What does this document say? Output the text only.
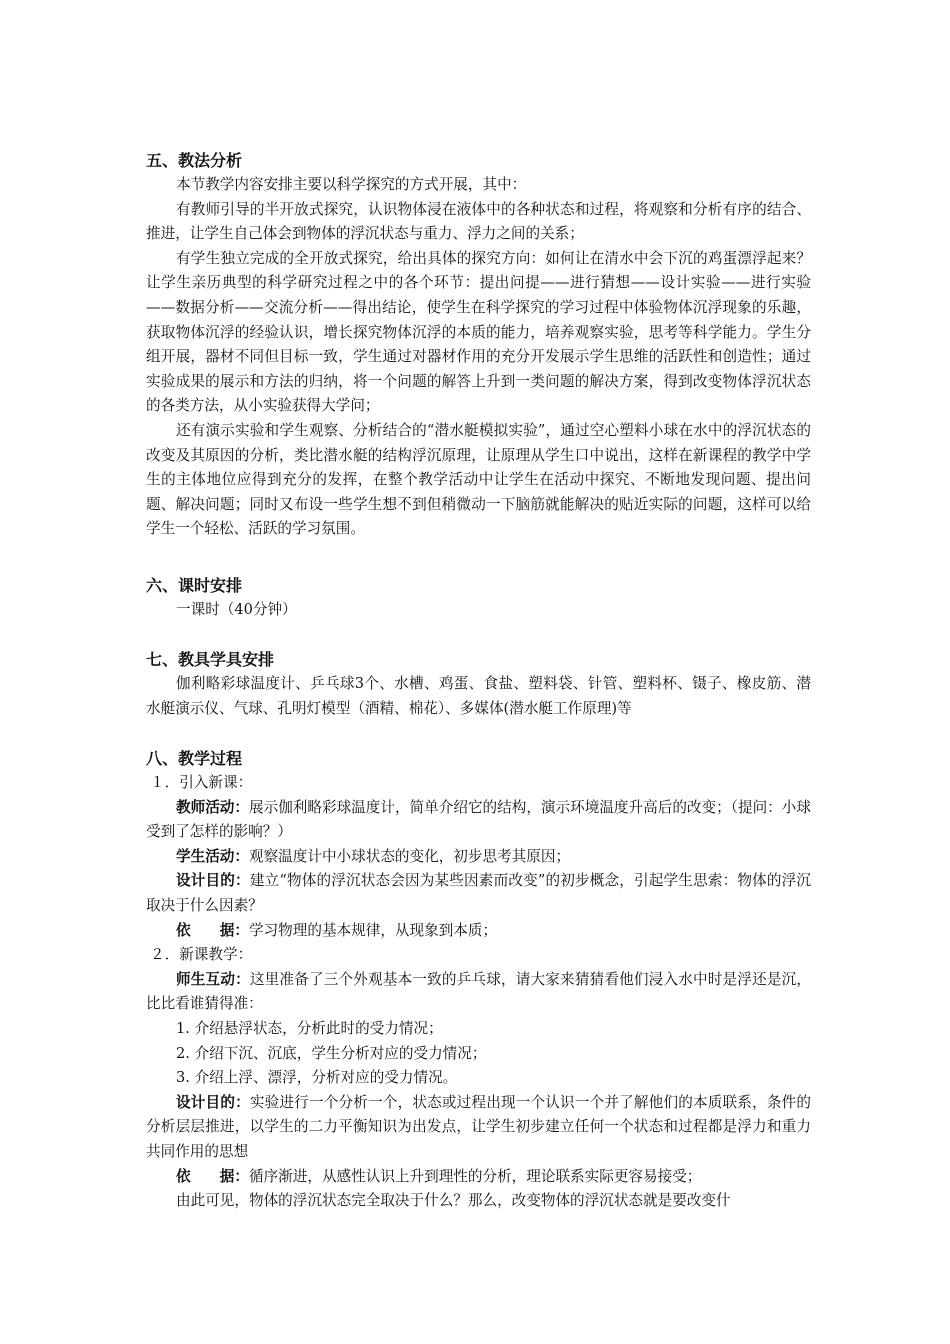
五、教法分析

本节教学内容安排主要以科学探究的方式开展，其中：

有教师引导的半开放式探究，认识物体浸在液体中的各种状态和过程，将观察和分析有序的结合、推进，让学生自己体会到物体的浮沉状态与重力、浮力之间的关系；

有学生独立完成的全开放式探究，给出具体的探究方向：如何让在清水中会下沉的鸡蛋漂浮起来？让学生亲历典型的科学研究过程之中的各个环节：提出问提——进行猜想——设计实验——进行实验——数据分析——交流分析——得出结论，使学生在科学探究的学习过程中体验物体沉浮现象的乐趣，获取物体沉浮的经验认识，增长探究物体沉浮的本质的能力，培养观察实验，思考等科学能力。学生分组开展，器材不同但目标一致，学生通过对器材作用的充分开发展示学生思维的活跃性和创造性；通过实验成果的展示和方法的归纳，将一个问题的解答上升到一类问题的解决方案，得到改变物体浮沉状态的各类方法，从小实验获得大学问；

还有演示实验和学生观察、分析结合的“潜水艇模拟实验”，通过空心塑料小球在水中的浮沉状态的改变及其原因的分析，类比潜水艇的结构浮沉原理，让原理从学生口中说出，这样在新课程的教学中学生的主体地位应得到充分的发挥，在整个教学活动中让学生在活动中探究、不断地发现问题、提出问题、解决问题；同时又布设一些学生想不到但稍微动一下脑筋就能解决的贴近实际的问题，这样可以给学生一个轻松、活跃的学习氛围。

六、课时安排

一课时（40分钟）

七、教具学具安排

伽利略彩球温度计、乒乓球3个、水槽、鸡蛋、食盐、塑料袋、针管、塑料杯、镊子、橡皮筋、潜水艇演示仪、气球、孔明灯模型（酒精、棉花）、多媒体(潜水艇工作原理)等

八、教学过程

１．引入新课：

教师活动：展示伽利略彩球温度计，简单介绍它的结构，演示环境温度升高后的改变；（提问：小球受到了怎样的影响？）

学生活动：观察温度计中小球状态的变化，初步思考其原因；

设计目的：建立“物体的浮沉状态会因为某些因素而改变”的初步概念，引起学生思索：物体的浮沉取决于什么因素？

依　　据：学习物理的基本规律，从现象到本质；

２．新课教学：

师生互动：这里准备了三个外观基本一致的乒乓球，请大家来猜猜看他们浸入水中时是浮还是沉，比比看谁猜得准：

1. 介绍悬浮状态，分析此时的受力情况；

2. 介绍下沉、沉底，学生分析对应的受力情况；

3. 介绍上浮、漂浮，分析对应的受力情况。

设计目的：实验进行一个分析一个，状态或过程出现一个认识一个并了解他们的本质联系，条件的分析层层推进，以学生的二力平衡知识为出发点，让学生初步建立任何一个状态和过程都是浮力和重力共同作用的思想

依　　据：循序渐进，从感性认识上升到理性的分析，理论联系实际更容易接受；

由此可见，物体的浮沉状态完全取决于什么？那么，改变物体的浮沉状态就是要改变什
